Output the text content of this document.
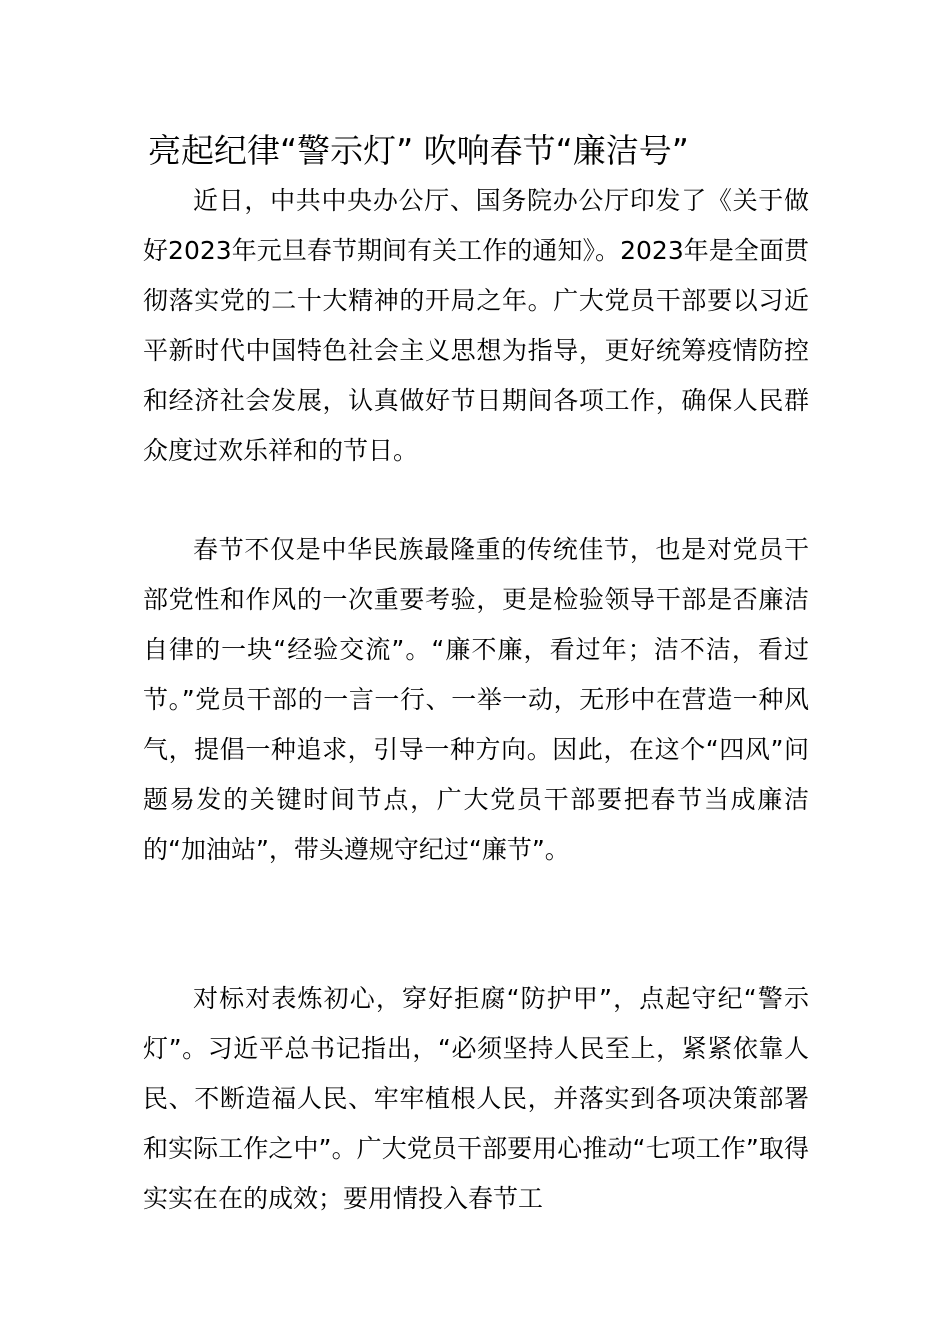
亮起纪律“警示灯” 吹响春节“廉洁号”

近日，中共中央办公厅、国务院办公厅印发了《关于做好2023年元旦春节期间有关工作的通知》。2023年是全面贯彻落实党的二十大精神的开局之年。广大党员干部要以习近平新时代中国特色社会主义思想为指导，更好统筹疫情防控和经济社会发展，认真做好节日期间各项工作，确保人民群众度过欢乐祥和的节日。

春节不仅是中华民族最隆重的传统佳节，也是对党员干部党性和作风的一次重要考验，更是检验领导干部是否廉洁自律的一块“经验交流”。“廉不廉，看过年；洁不洁，看过节。”党员干部的一言一行、一举一动，无形中在营造一种风气，提倡一种追求，引导一种方向。因此，在这个“四风”问题易发的关键时间节点，广大党员干部要把春节当成廉洁的“加油站”，带头遵规守纪过“廉节”。

对标对表炼初心，穿好拒腐“防护甲”，点起守纪“警示灯”。习近平总书记指出，“必须坚持人民至上，紧紧依靠人民、不断造福人民、牢牢植根人民，并落实到各项决策部署和实际工作之中”。广大党员干部要用心推动“七项工作”取得实实在在的成效；要用情投入春节工
